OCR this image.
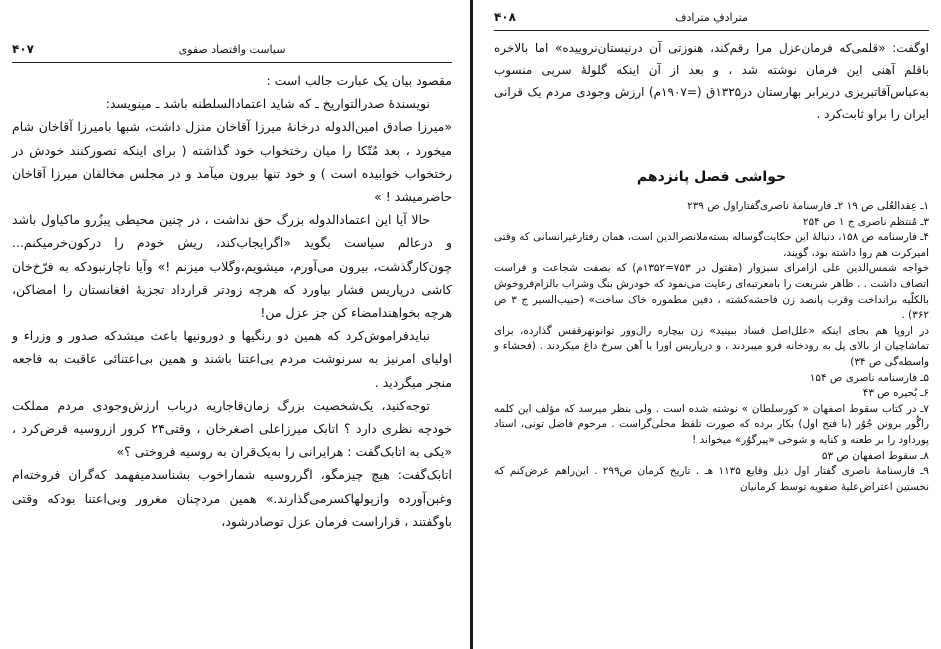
۴۰۷	سیاست واقتصاد صفوی

مقصود بیان یک عبارت جالب است :

نویسندهٔ صدرالتواریخ ـ که شاید اعتمادالسلطنه باشد ـ مینویسد:

«میرزا صادق امین‌الدوله درخانهٔ میرزا آقاخان منزل داشت، شبها بامیرزا آقاخان شام میخورد ، بعد مُتّکا را میان رختخواب خود گذاشته ( برای اینکه تصورکنند خودش در رختخواب خوابیده است ) و خود تنها بیرون میآمد و در مجلس مخالفان میرزا آقاخان حاضرمیشد ! »

حالا آیا این اعتمادالدوله بزرگ حق نداشت ، در چنین محیطی پیزُرو ماکیاول باشد و درعالم سیاست بگوید «اگرایجاب‌کند، ریش خودم را درکون‌خرمیکنم... چون‌کارگذشت، بیرون می‌آورم، میشویم،وگلاب میزنم !» وآیا ناچارنبودکه به فرّخ‌خان کاشی درپاریس فشار بیاورد که هرچه زودتر قرارداد تجزیهٔ افغانستان را امضاکن، هرچه بخواهندامضاء کن جز عزل من!

نبایدفراموش‌کرد که همین دو رنگیها و دورونیها باعث میشدکه صدور و وزراء و اولیای امرنیز به سرنوشت مردم بی‌اعتنا باشند و همین بی‌اعتنائی عاقبت به فاجعه منجر میگردید .

توجه‌کنید، یک‌شخصیت بزرگ زمان‌قاجاریه درباب ارزش‌وجودی مردم مملکت خودچه نظری دارد ؟ اتابک میرزاعلی اصغرخان ، وقتی۲۴ کرور ازروسیه قرض‌کرد ، «یکی به اتابک‌گفت : هرایرانی را به‌یک‌قران به روسیه فروختی ؟»

اتابک‌گفت: هیچ چیزمگو، اگرروسیه شماراخوب بشناسدمیفهمد که‌گران فروخته‌ام وغبن‌آورده وازپولهاکسرمی‌گذارند.» همین مردچنان مغرور وبی‌اعتنا بودکه وقتی باوگفتند ، قراراست فرمان عزل توصادرشود،

۴۰۸	مترادفِ مترادف

اوگفت: «قلمی‌که فرمان‌عزل مرا رقم‌کند، هنوزتی آن درنیستان‌نروییده» اما بالاخره باقلم آهنی این فرمان نوشته شد ، و بعد از آن اینکه گلولهٔ سربی منسوب به‌عباس‌آقاتبریزی دربرابر بهارستان در۱۳۲۵ق (=۱۹۰۷م) ارزش وجودی مردم یک قرانی ایران را براو ثابت‌کرد .

حواشی فصل پانزدهم

۱ـ عِقدالعُلی ص ۱۹ ۲ـ فارسنامهٔ ناصری‌گفتاراول ص ۲۳۹

۳ـ مُنتظم ناصری ج ۱ ص ۲۵۴

۴ـ فارسنامه ص ۱۵۸، دنبالهٔ این حکایت‌گوساله بسته‌ملانصرالدین است، همان رفتارغیرانسانی که وقتی امیرکرت هم روا داشته بود، گویند،

خواجه شمس‌الدین علی ازامرای سبزوار (مقتول در ۷۵۳=۱۳۵۲م) که بصفت شجاعت و فراست اتصاف داشت . . ظاهر شریعت را بامعرتبه‌ای رعایت می‌نمود که خودرش بنگ وشراب بالزام‌فروخوش بالکلّیه برانداخت وقرب پانصد زن فاحشه‌کشته ، دفین مطموره خاک ساخت» (حبیب‌السیر ج ۳ ص ۳۶۲) .

در اروپا هم بجای اینکه «علل‌اصل فساد ببینید» زن بیچاره رال‌وور توانونهرقفس گذارده، برای تماشاچیان از بالای پل به رودخانه فرو میبردند ، و درپاریس اورا با آهن سرخ داغ میکردند . (فحشاء و واسطه‌گی ص ۳۴)

۵ـ فارسنامه ناصری ص ۱۵۴

۶ـ بُحیره ص ۴۳

۷ـ در کتاب سقوط اصفهان « کورسلطان » نوشته شده است . ولی بنظر میرسد که مؤلف این کلمه راگُور برونن جُوُر (با فتح اول) بکار برده که صورت تلفظ محلی‌گراست . مرحوم فاضل تونی، استاد پورداود را بر طعنه و کنایه و شوخی «پیرگوُر» میخواند !

۸ـ سقوط اصفهان ص ۵۳

۹ـ فارسنامهٔ ناصری گفتار اول ذیل وقایع ۱۱۳۵ هـ . تاریخ کرمان ص۲۹۹ . این‌راهم عرض‌کنم که نخستین اعتراض‌علیهٔ صفویه توسط کرمانیان
